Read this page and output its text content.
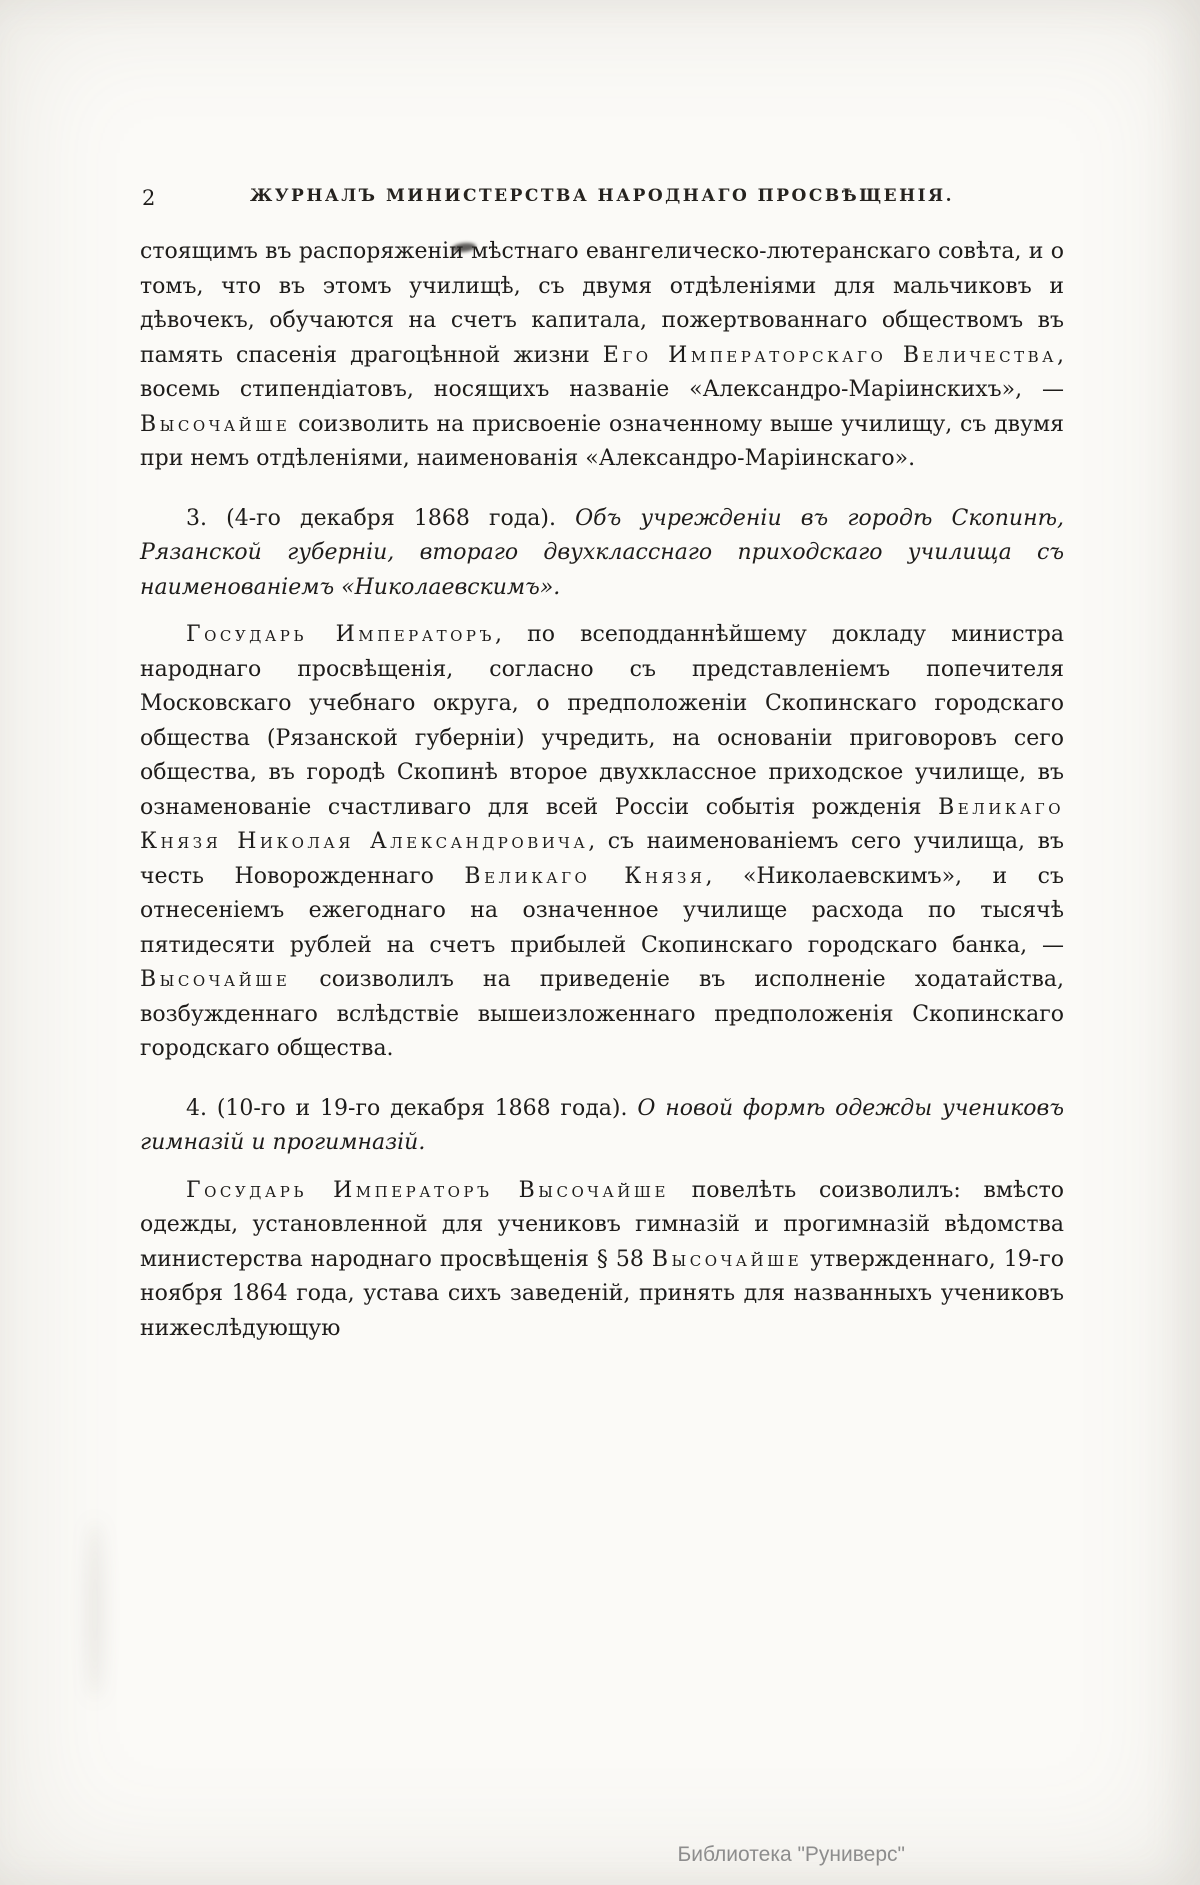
2	ЖУРНАЛЪ МИНИСТЕРСТВА НАРОДНАГО ПРОСВѢЩЕНІЯ.

стоящимъ въ распоряженіи мѣстнаго евангелическо-лютеранскаго совѣта, и о томъ, что въ этомъ училищѣ, съ двумя отдѣленіями для мальчиковъ и дѣвочекъ, обучаются на счетъ капитала, пожертвованнаго обществомъ въ память спасенія драгоцѣнной жизни Его Императорскаго Величества, восемь стипендіатовъ, носящихъ названіе «Александро-Маріинскихъ», — Высочайше соизволить на присвоеніе означенному выше училищу, съ двумя при немъ отдѣленіями, наименованія «Александро-Маріинскаго».

3. (4-го декабря 1868 года). Объ учрежденіи въ городѣ Скопинѣ, Рязанской губерніи, втораго двухкласснаго приходскаго училища съ наименованіемъ «Николаевскимъ».

Государь Императоръ, по всеподданнѣйшему докладу министра народнаго просвѣщенія, согласно съ представленіемъ попечителя Московскаго учебнаго округа, о предположеніи Скопинскаго городскаго общества (Рязанской губерніи) учредить, на основаніи приговоровъ сего общества, въ городѣ Скопинѣ второе двухклассное приходское училище, въ ознаменованіе счастливаго для всей Россіи событія рожденія Великаго Князя Николая Александровича, съ наименованіемъ сего училища, въ честь Новорожденнаго Великаго Князя, «Николаевскимъ», и съ отнесеніемъ ежегоднаго на означенное училище расхода по тысячѣ пятидесяти рублей на счетъ прибылей Скопинскаго городскаго банка, — Высочайше соизволилъ на приведеніе въ исполненіе ходатайства, возбужденнаго вслѣдствіе вышеизложеннаго предположенія Скопинскаго городскаго общества.

4. (10-го и 19-го декабря 1868 года). О новой формѣ одежды учениковъ гимназій и прогимназій.

Государь Императоръ Высочайше повелѣть соизволилъ: вмѣсто одежды, установленной для учениковъ гимназій и прогимназій вѣдомства министерства народнаго просвѣщенія § 58 Высочайше утвержденнаго, 19-го ноября 1864 года, устава сихъ заведеній, принять для названныхъ учениковъ нижеслѣдующую

Библиотека "Руниверс"
